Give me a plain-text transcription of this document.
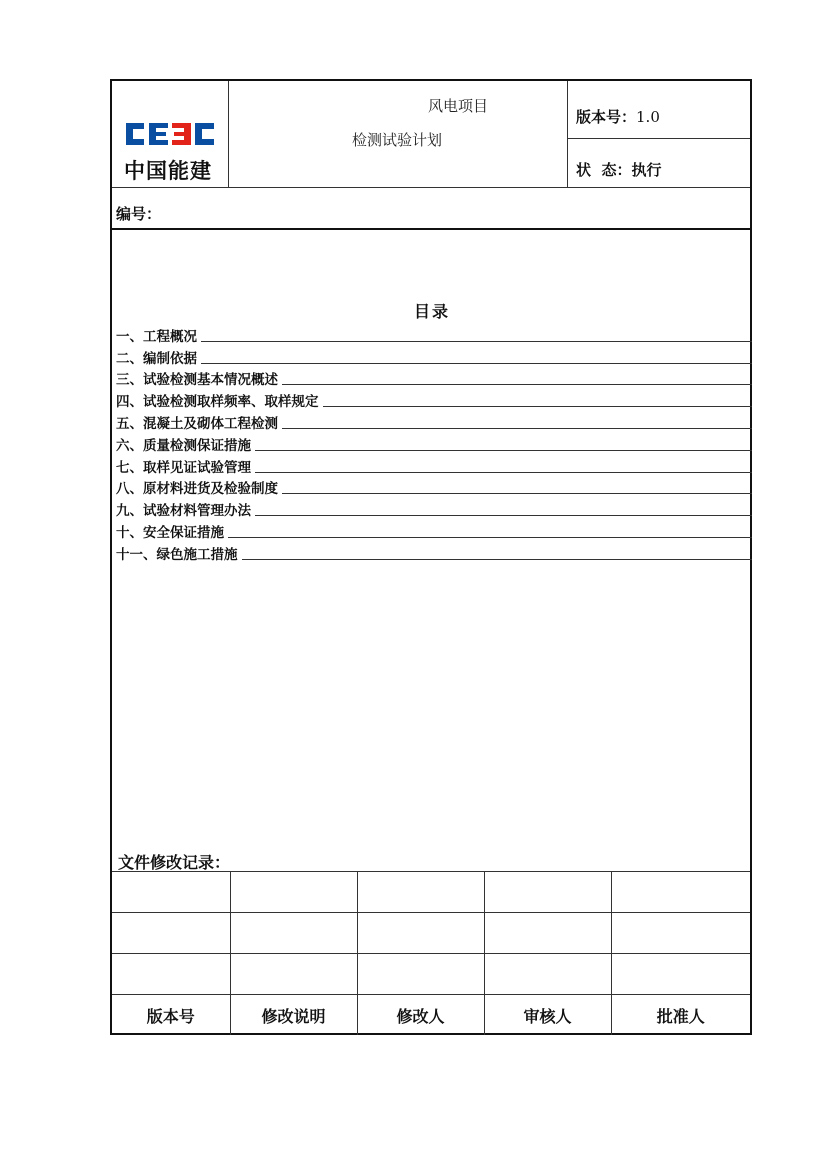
中国能建
风电项目
检测试验计划
版本号：1.0
状  态：执行
编号：
目录
一、工程概况
二、编制依据
三、试验检测基本情况概述
四、试验检测取样频率、取样规定
五、混凝土及砌体工程检测
六、质量检测保证措施
七、取样见证试验管理
八、原材料进货及检验制度
九、试验材料管理办法
十、安全保证措施
十一、绿色施工措施
文件修改记录：

版本号	修改说明	修改人	审核人	批准人
